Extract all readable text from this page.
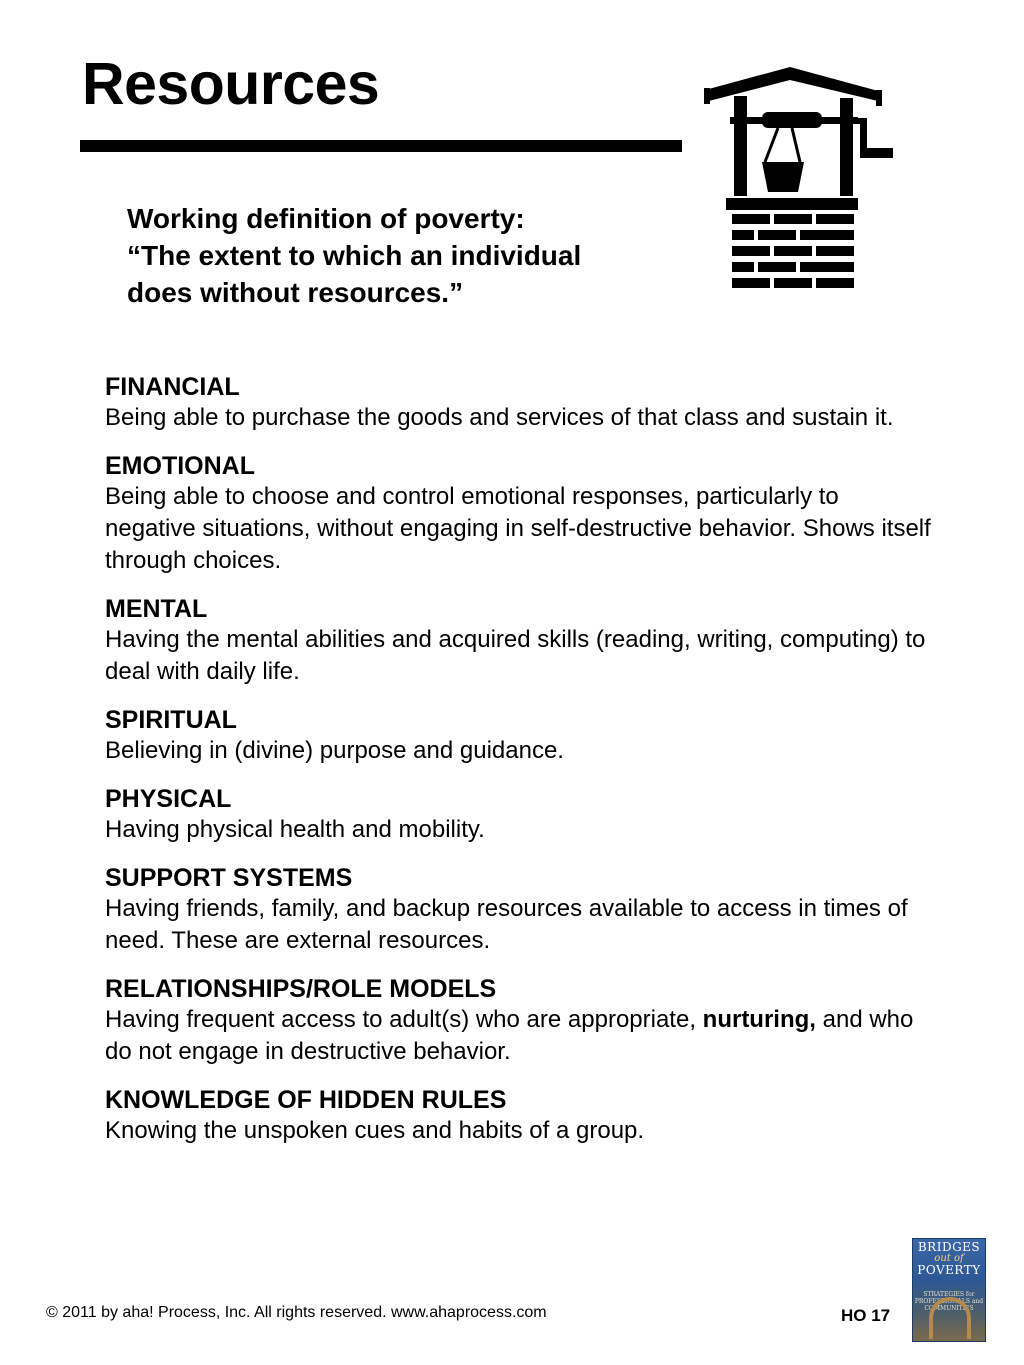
Resources
Working definition of poverty:
“The extent to which an individual
does without resources.”
FINANCIAL
Being able to purchase the goods and services of that class and sustain it.
EMOTIONAL
Being able to choose and control emotional responses, particularly to negative situations, without engaging in self-destructive behavior. Shows itself through choices.
MENTAL
Having the mental abilities and acquired skills (reading, writing, computing) to deal with daily life.
SPIRITUAL
Believing in (divine) purpose and guidance.
PHYSICAL
Having physical health and mobility.
SUPPORT SYSTEMS
Having friends, family, and backup resources available to access in times of need. These are external resources.
RELATIONSHIPS/ROLE MODELS
Having frequent access to adult(s) who are appropriate, nurturing, and who do not engage in destructive behavior.
KNOWLEDGE OF HIDDEN RULES
Knowing the unspoken cues and habits of a group.
© 2011 by aha! Process, Inc. All rights reserved. www.ahaprocess.com	HO 17
BRIDGES
out of
POVERTY
STRATEGIES for PROFESSIONALS and COMMUNITIES
